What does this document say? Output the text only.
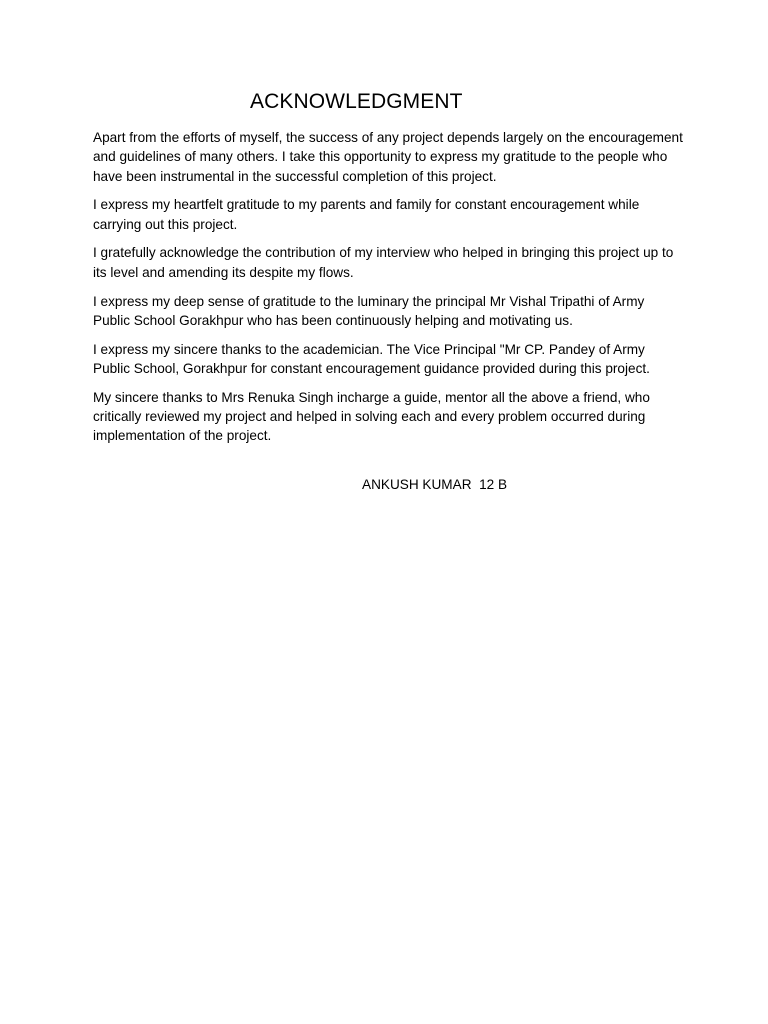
ACKNOWLEDGMENT

Apart from the efforts of myself, the success of any project depends largely on the encouragement and guidelines of many others. I take this opportunity to express my gratitude to the people who have been instrumental in the successful completion of this project.

I express my heartfelt gratitude to my parents and family for constant encouragement while carrying out this project.

I gratefully acknowledge the contribution of my interview who helped in bringing this project up to its level and amending its despite my flows.

I express my deep sense of gratitude to the luminary the principal Mr Vishal Tripathi of Army Public School Gorakhpur who has been continuously helping and motivating us.

I express my sincere thanks to the academician. The Vice Principal "Mr CP. Pandey of Army Public School, Gorakhpur for constant encouragement guidance provided during this project.

My sincere thanks to Mrs Renuka Singh incharge a guide, mentor all the above a friend, who critically reviewed my project and helped in solving each and every problem occurred during implementation of the project.

ANKUSH KUMAR  12 B
